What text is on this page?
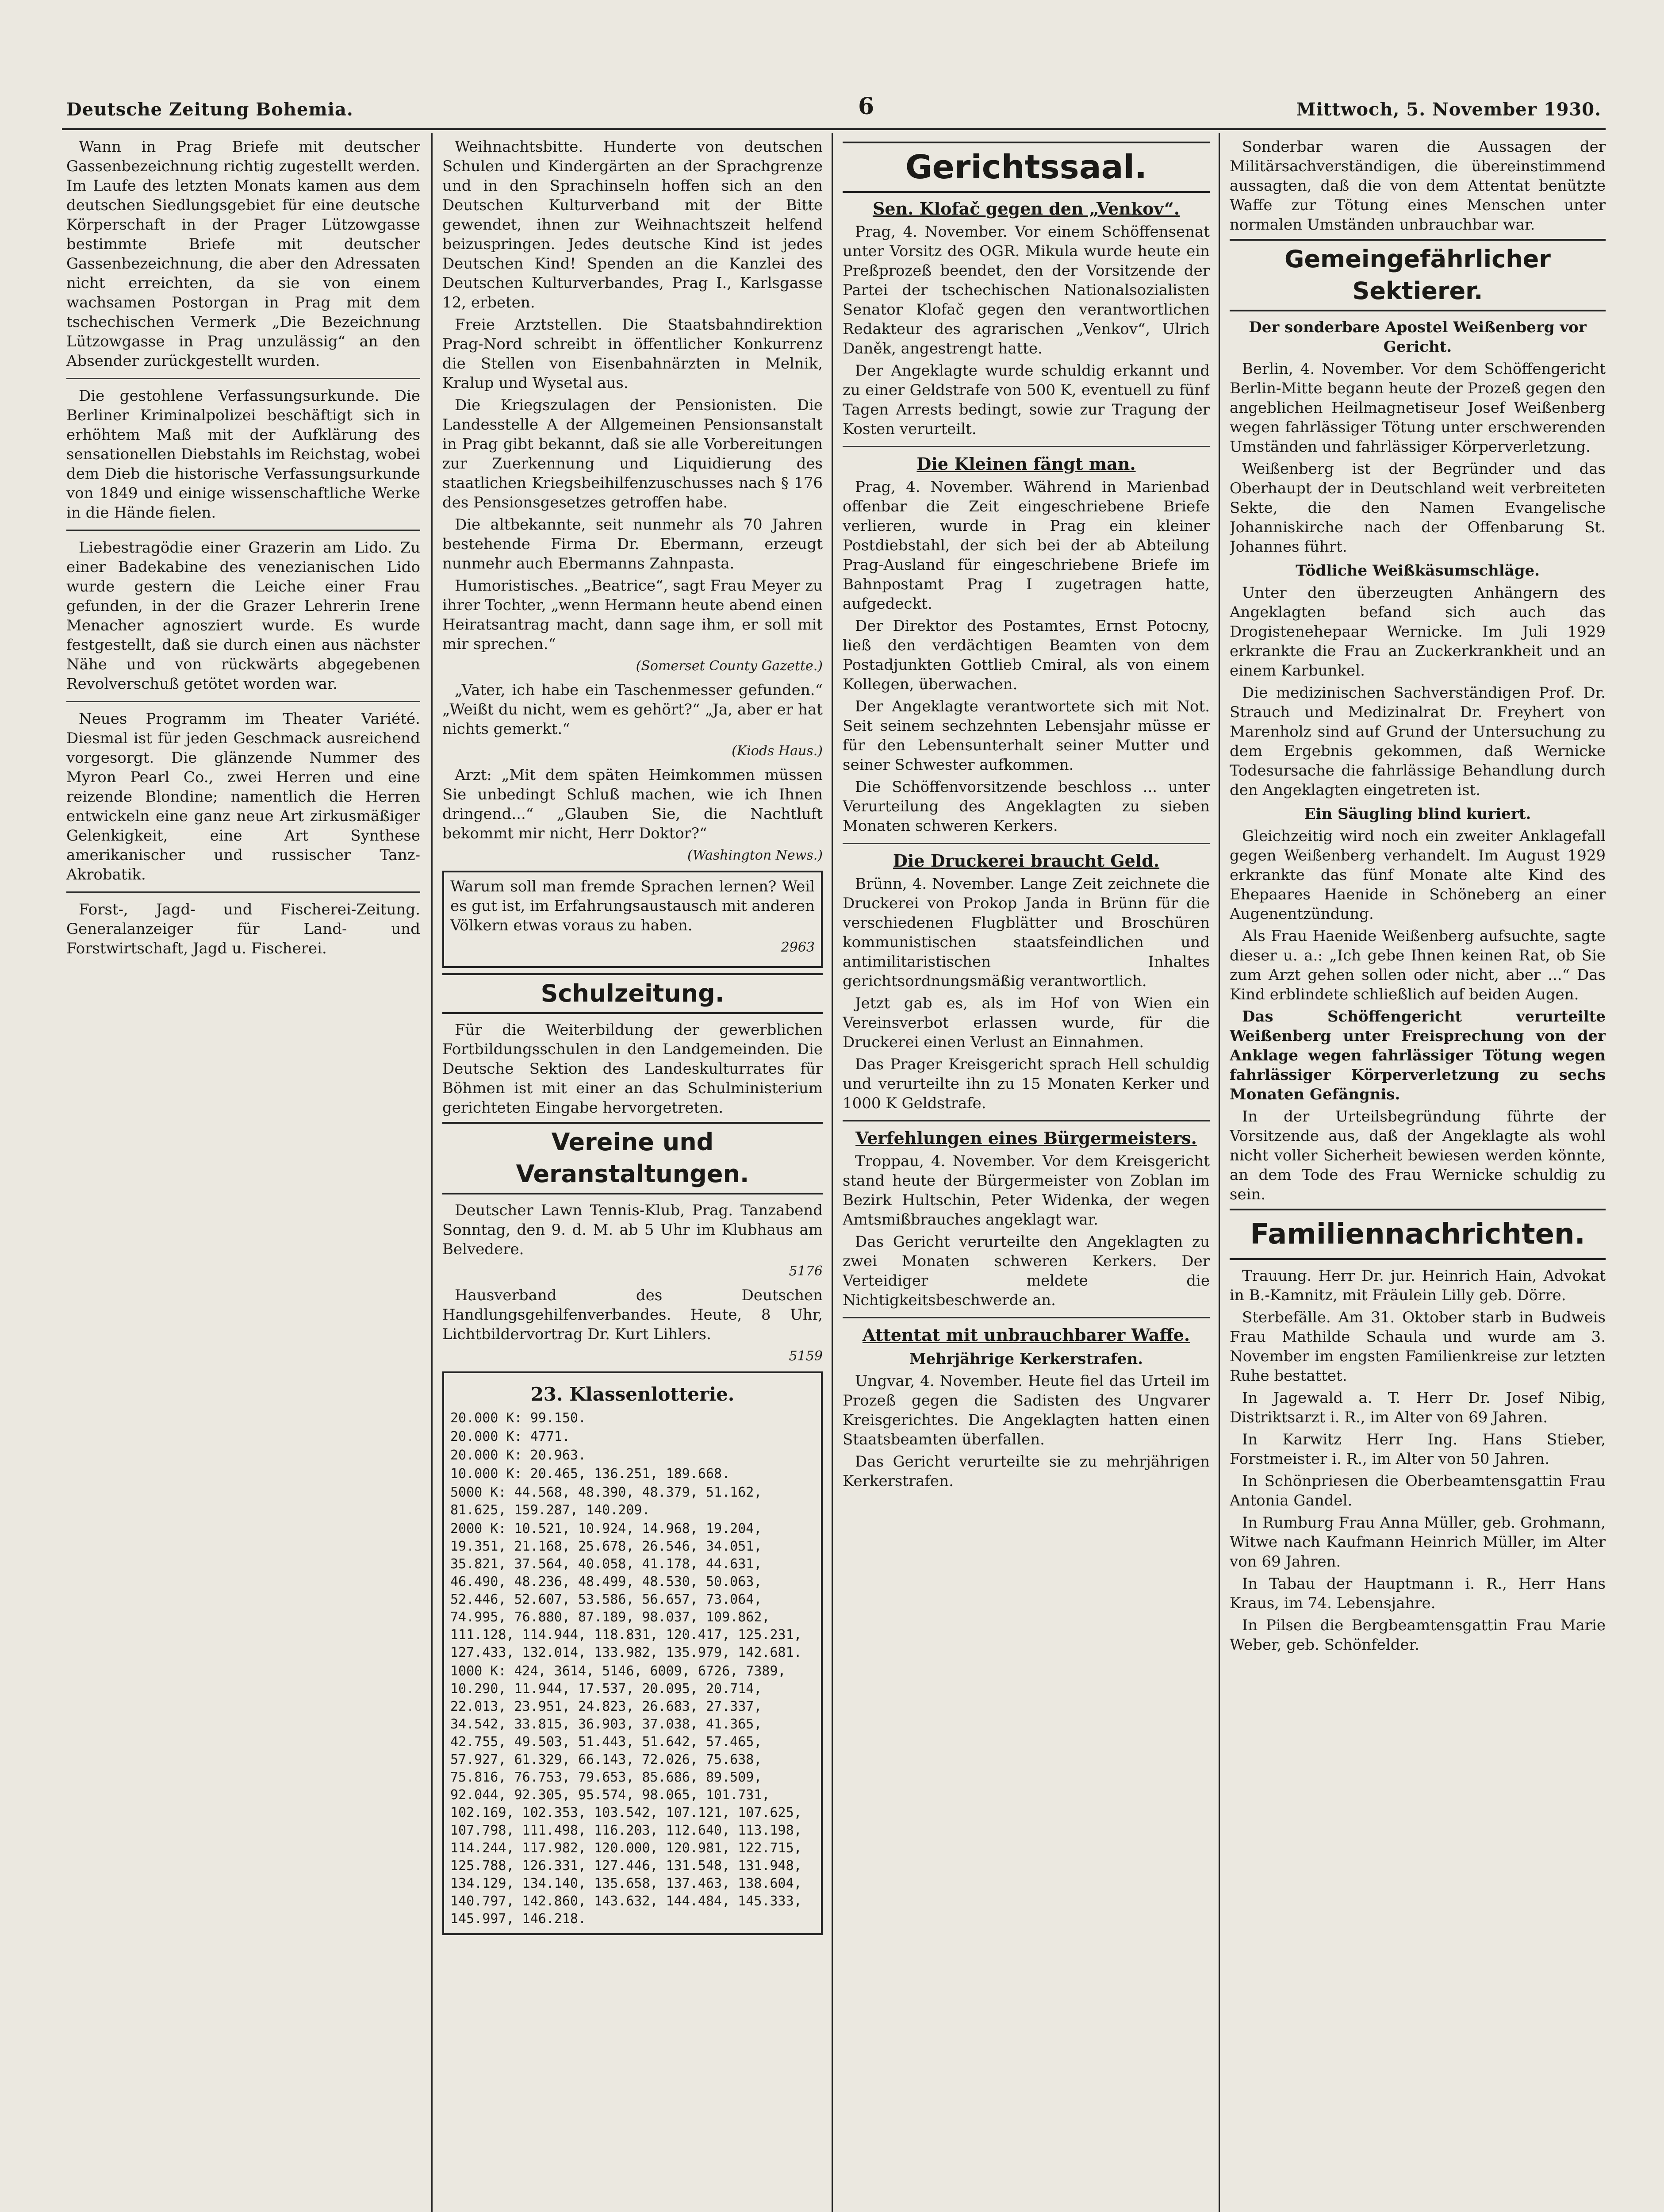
Deutsche Zeitung Bohemia.	6	Mittwoch, 5. November 1930.

Wann in Prag Briefe mit deutscher Gassenbezeichnung richtig zugestellt werden. Im Laufe des letzten Monats kamen aus dem deutschen Siedlungsgebiet für eine deutsche Körperschaft in der Prager Lützowgasse bestimmte Briefe mit deutscher Gassenbezeichnung, die aber den Adressaten nicht erreichten, da sie von einem wachsamen Postorgan in Prag mit dem tschechischen Vermerk „Die Bezeichnung Lützowgasse in Prag unzulässig“ an den Absender zurückgestellt wurden.

Die gestohlene Verfassungsurkunde. Die Berliner Kriminalpolizei beschäftigt sich in erhöhtem Maß mit der Aufklärung des sensationellen Diebstahls im Reichstag, wobei dem Dieb die historische Verfassungsurkunde von 1849 und einige wissenschaftliche Werke in die Hände fielen.

Liebestragödie einer Grazerin am Lido. Zu einer Badekabine des venezianischen Lido wurde gestern die Leiche einer Frau gefunden, in der die Grazer Lehrerin Irene Menacher agnosziert wurde. Es wurde festgestellt, daß sie durch einen aus nächster Nähe und von rückwärts abgegebenen Revolverschuß getötet worden war.

Neues Programm im Theater Variété. Diesmal ist für jeden Geschmack ausreichend vorgesorgt. Die glänzende Nummer des Myron Pearl Co., zwei Herren und eine reizende Blondine; namentlich die Herren entwickeln eine ganz neue Art zirkusmäßiger Gelenkigkeit, eine Art Synthese amerikanischer und russischer Tanz-Akrobatik.

Forst-, Jagd- und Fischerei-Zeitung. Generalanzeiger für Land- und Forstwirtschaft, Jagd u. Fischerei.

Weihnachtsbitte. Hunderte von deutschen Schulen und Kindergärten an der Sprachgrenze und in den Sprachinseln hoffen sich an den Deutschen Kulturverband mit der Bitte gewendet, ihnen zur Weihnachtszeit helfend beizuspringen. Jedes deutsche Kind ist jedes Deutschen Kind! Spenden an die Kanzlei des Deutschen Kulturverbandes, Prag I., Karlsgasse 12, erbeten.

Freie Arztstellen. Die Staatsbahndirektion Prag-Nord schreibt in öffentlicher Konkurrenz die Stellen von Eisenbahnärzten in Melnik, Kralup und Wysetal aus.

Die Kriegszulagen der Pensionisten. Die Landesstelle A der Allgemeinen Pensionsanstalt in Prag gibt bekannt, daß sie alle Vorbereitungen zur Zuerkennung und Liquidierung des staatlichen Kriegsbeihilfenzuschusses nach § 176 des Pensionsgesetzes getroffen habe.

Die altbekannte, seit nunmehr als 70 Jahren bestehende Firma Dr. Ebermann, erzeugt nunmehr auch Ebermanns Zahnpasta.

Humoristisches. „Beatrice“, sagt Frau Meyer zu ihrer Tochter, „wenn Hermann heute abend einen Heiratsantrag macht, dann sage ihm, er soll mit mir sprechen.“

(Somerset County Gazette.)

„Vater, ich habe ein Taschenmesser gefunden.“ „Weißt du nicht, wem es gehört?“ „Ja, aber er hat nichts gemerkt.“

(Kiods Haus.)

Arzt: „Mit dem späten Heimkommen müssen Sie unbedingt Schluß machen, wie ich Ihnen dringend...“ „Glauben Sie, die Nachtluft bekommt mir nicht, Herr Doktor?“

(Washington News.)

Warum soll man fremde Sprachen lernen? Weil es gut ist, im Erfahrungsaustausch mit anderen Völkern etwas voraus zu haben.

2963
Schulzeitung.

Für die Weiterbildung der gewerblichen Fortbildungsschulen in den Landgemeinden. Die Deutsche Sektion des Landeskulturrates für Böhmen ist mit einer an das Schulministerium gerichteten Eingabe hervorgetreten.

Vereine und Veranstaltungen.

Deutscher Lawn Tennis-Klub, Prag. Tanzabend Sonntag, den 9. d. M. ab 5 Uhr im Klubhaus am Belvedere.

5176

Hausverband des Deutschen Handlungsgehilfenverbandes. Heute, 8 Uhr, Lichtbildervortrag Dr. Kurt Lihlers.

5159
23. Klassenlotterie.
20.000 K: 99.150.
20.000 K: 4771.
20.000 K: 20.963.
10.000 K: 20.465, 136.251, 189.668.
5000 K: 44.568, 48.390, 48.379, 51.162, 81.625, 159.287, 140.209.
2000 K: 10.521, 10.924, 14.968, 19.204, 19.351, 21.168, 25.678, 26.546, 34.051, 35.821, 37.564, 40.058, 41.178, 44.631, 46.490, 48.236, 48.499, 48.530, 50.063, 52.446, 52.607, 53.586, 56.657, 73.064, 74.995, 76.880, 87.189, 98.037, 109.862, 111.128, 114.944, 118.831, 120.417, 125.231, 127.433, 132.014, 133.982, 135.979, 142.681.
1000 K: 424, 3614, 5146, 6009, 6726, 7389, 10.290, 11.944, 17.537, 20.095, 20.714, 22.013, 23.951, 24.823, 26.683, 27.337, 34.542, 33.815, 36.903, 37.038, 41.365, 42.755, 49.503, 51.443, 51.642, 57.465, 57.927, 61.329, 66.143, 72.026, 75.638, 75.816, 76.753, 79.653, 85.686, 89.509, 92.044, 92.305, 95.574, 98.065, 101.731, 102.169, 102.353, 103.542, 107.121, 107.625, 107.798, 111.498, 116.203, 112.640, 113.198, 114.244, 117.982, 120.000, 120.981, 122.715, 125.788, 126.331, 127.446, 131.548, 131.948, 134.129, 134.140, 135.658, 137.463, 138.604, 140.797, 142.860, 143.632, 144.484, 145.333, 145.997, 146.218.
Gerichtssaal.
Sen. Klofač gegen den „Venkov“.

Prag, 4. November. Vor einem Schöffensenat unter Vorsitz des OGR. Mikula wurde heute ein Preßprozeß beendet, den der Vorsitzende der Partei der tschechischen Nationalsozialisten Senator Klofač gegen den verantwortlichen Redakteur des agrarischen „Venkov“, Ulrich Daněk, angestrengt hatte.

Der Angeklagte wurde schuldig erkannt und zu einer Geldstrafe von 500 K, eventuell zu fünf Tagen Arrests bedingt, sowie zur Tragung der Kosten verurteilt.

Die Kleinen fängt man.

Prag, 4. November. Während in Marienbad offenbar die Zeit eingeschriebene Briefe verlieren, wurde in Prag ein kleiner Postdiebstahl, der sich bei der ab Abteilung Prag-Ausland für eingeschriebene Briefe im Bahnpostamt Prag I zugetragen hatte, aufgedeckt.

Der Direktor des Postamtes, Ernst Potocny, ließ den verdächtigen Beamten von dem Postadjunkten Gottlieb Cmiral, als von einem Kollegen, überwachen.

Der Angeklagte verantwortete sich mit Not. Seit seinem sechzehnten Lebensjahr müsse er für den Lebensunterhalt seiner Mutter und seiner Schwester aufkommen.

Die Schöffenvorsitzende beschloss ... unter Verurteilung des Angeklagten zu sieben Monaten schweren Kerkers.

Die Druckerei braucht Geld.

Brünn, 4. November. Lange Zeit zeichnete die Druckerei von Prokop Janda in Brünn für die verschiedenen Flugblätter und Broschüren kommunistischen staatsfeindlichen und antimilitaristischen Inhaltes gerichtsordnungsmäßig verantwortlich.

Jetzt gab es, als im Hof von Wien ein Vereinsverbot erlassen wurde, für die Druckerei einen Verlust an Einnahmen.

Das Prager Kreisgericht sprach Hell schuldig und verurteilte ihn zu 15 Monaten Kerker und 1000 K Geldstrafe.

Verfehlungen eines Bürgermeisters.

Troppau, 4. November. Vor dem Kreisgericht stand heute der Bürgermeister von Zoblan im Bezirk Hultschin, Peter Widenka, der wegen Amtsmißbrauches angeklagt war.

Das Gericht verurteilte den Angeklagten zu zwei Monaten schweren Kerkers. Der Verteidiger meldete die Nichtigkeitsbeschwerde an.

Attentat mit unbrauchbarer Waffe.
Mehrjährige Kerkerstrafen.

Ungvar, 4. November. Heute fiel das Urteil im Prozeß gegen die Sadisten des Ungvarer Kreisgerichtes. Die Angeklagten hatten einen Staatsbeamten überfallen.

Das Gericht verurteilte sie zu mehrjährigen Kerkerstrafen.

Sonderbar waren die Aussagen der Militärsachverständigen, die übereinstimmend aussagten, daß die von dem Attentat benützte Waffe zur Tötung eines Menschen unter normalen Umständen unbrauchbar war.

Gemeingefährlicher Sektierer.
Der sonderbare Apostel Weißenberg vor Gericht.

Berlin, 4. November. Vor dem Schöffengericht Berlin-Mitte begann heute der Prozeß gegen den angeblichen Heilmagnetiseur Josef Weißenberg wegen fahrlässiger Tötung unter erschwerenden Umständen und fahrlässiger Körperverletzung.

Weißenberg ist der Begründer und das Oberhaupt der in Deutschland weit verbreiteten Sekte, die den Namen Evangelische Johanniskirche nach der Offenbarung St. Johannes führt.

Tödliche Weißkäsumschläge.

Unter den überzeugten Anhängern des Angeklagten befand sich auch das Drogistenehepaar Wernicke. Im Juli 1929 erkrankte die Frau an Zuckerkrankheit und an einem Karbunkel.

Die medizinischen Sachverständigen Prof. Dr. Strauch und Medizinalrat Dr. Freyhert von Marenholz sind auf Grund der Untersuchung zu dem Ergebnis gekommen, daß Wernicke Todesursache die fahrlässige Behandlung durch den Angeklagten eingetreten ist.

Ein Säugling blind kuriert.

Gleichzeitig wird noch ein zweiter Anklagefall gegen Weißenberg verhandelt. Im August 1929 erkrankte das fünf Monate alte Kind des Ehepaares Haenide in Schöneberg an einer Augenentzündung.

Als Frau Haenide Weißenberg aufsuchte, sagte dieser u. a.: „Ich gebe Ihnen keinen Rat, ob Sie zum Arzt gehen sollen oder nicht, aber ...“ Das Kind erblindete schließlich auf beiden Augen.

Das Schöffengericht verurteilte Weißenberg unter Freisprechung von der Anklage wegen fahrlässiger Tötung wegen fahrlässiger Körperverletzung zu sechs Monaten Gefängnis.

In der Urteilsbegründung führte der Vorsitzende aus, daß der Angeklagte als wohl nicht voller Sicherheit bewiesen werden könnte, an dem Tode des Frau Wernicke schuldig zu sein.

Familiennachrichten.

Trauung. Herr Dr. jur. Heinrich Hain, Advokat in B.-Kamnitz, mit Fräulein Lilly geb. Dörre.

Sterbefälle. Am 31. Oktober starb in Budweis Frau Mathilde Schaula und wurde am 3. November im engsten Familienkreise zur letzten Ruhe bestattet.

In Jagewald a. T. Herr Dr. Josef Nibig, Distriktsarzt i. R., im Alter von 69 Jahren.

In Karwitz Herr Ing. Hans Stieber, Forstmeister i. R., im Alter von 50 Jahren.

In Schönpriesen die Oberbeamtensgattin Frau Antonia Gandel.

In Rumburg Frau Anna Müller, geb. Grohmann, Witwe nach Kaufmann Heinrich Müller, im Alter von 69 Jahren.

In Tabau der Hauptmann i. R., Herr Hans Kraus, im 74. Lebensjahre.

In Pilsen die Bergbeamtensgattin Frau Marie Weber, geb. Schönfelder.
